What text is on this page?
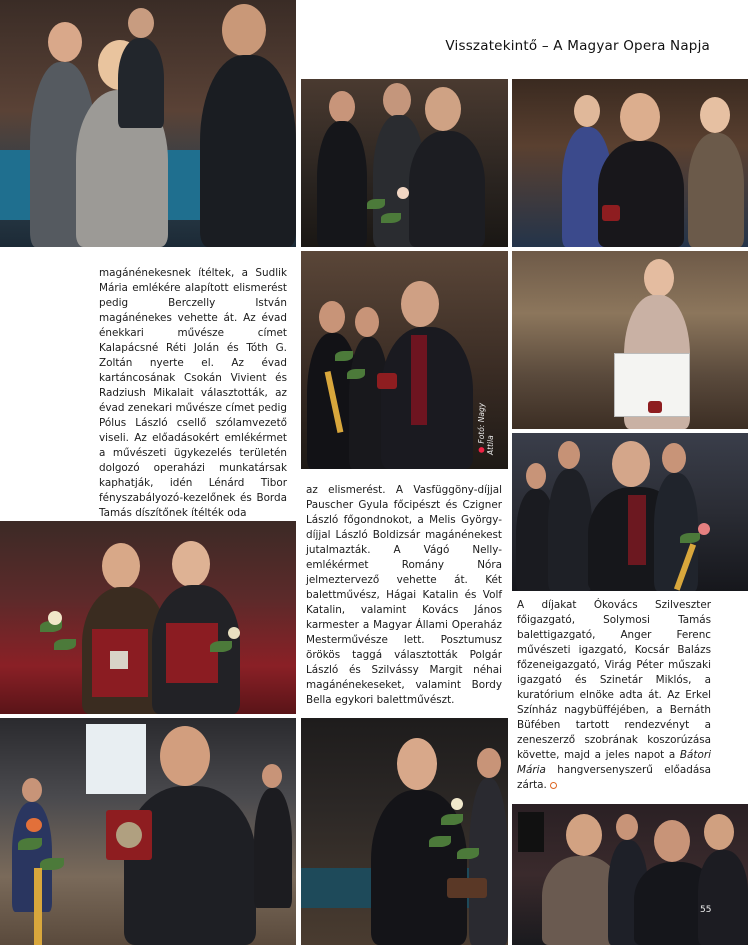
Visszatekintő – A Magyar Opera Napja
● Fotó: Nagy Attila
55

magánénekesnek ítéltek, a Sudlik Mária emlékére alapított elismerést pedig Berczelly István magánénekes vehette át. Az évad énekkari művésze címet Kalapácsné Réti Jolán és Tóth G. Zoltán nyerte el. Az évad kartáncosának Csokán Vivient és Radziush Mikalait választották, az évad zenekari művésze címet pedig Pólus László csellő szólamvezető viseli. Az előadásokért emlékérmet a művészeti ügykezelés területén dolgozó operaházi munkatársak kaphatják, idén Lénárd Tibor fényszabályozó-kezelőnek és Borda Tamás díszítőnek ítélték oda

az elismerést. A Vasfüggöny-díjjal Pauscher Gyula főcipészt és Czigner László főgondnokot, a Melis György-díjjal László Boldizsár magánénekest jutalmazták. A Vágó Nelly-emlékérmet Romány Nóra jelmeztervező vehette át. Két balettművész, Hágai Katalin és Volf Katalin, valamint Kovács János karmester a Magyar Állami Operaház Mesterművésze lett. Posztumusz örökös taggá választották Polgár László és Szilvássy Margit néhai magánénekeseket, valamint Bordy Bella egykori balettművészt.

A díjakat Ókovács Szilveszter főigazgató, Solymosi Tamás balettigazgató, Anger Ferenc művészeti igazgató, Kocsár Balázs főzeneigazgató, Virág Péter műszaki igazgató és Szinetár Miklós, a kuratórium elnöke adta át. Az Erkel Színház nagybüfféjében, a Bernáth Büfében tartott rendezvényt a zeneszerző szobrának koszorúzása követte, majd a jeles napot a Bátori Mária hangversenyszerű előadása zárta.
